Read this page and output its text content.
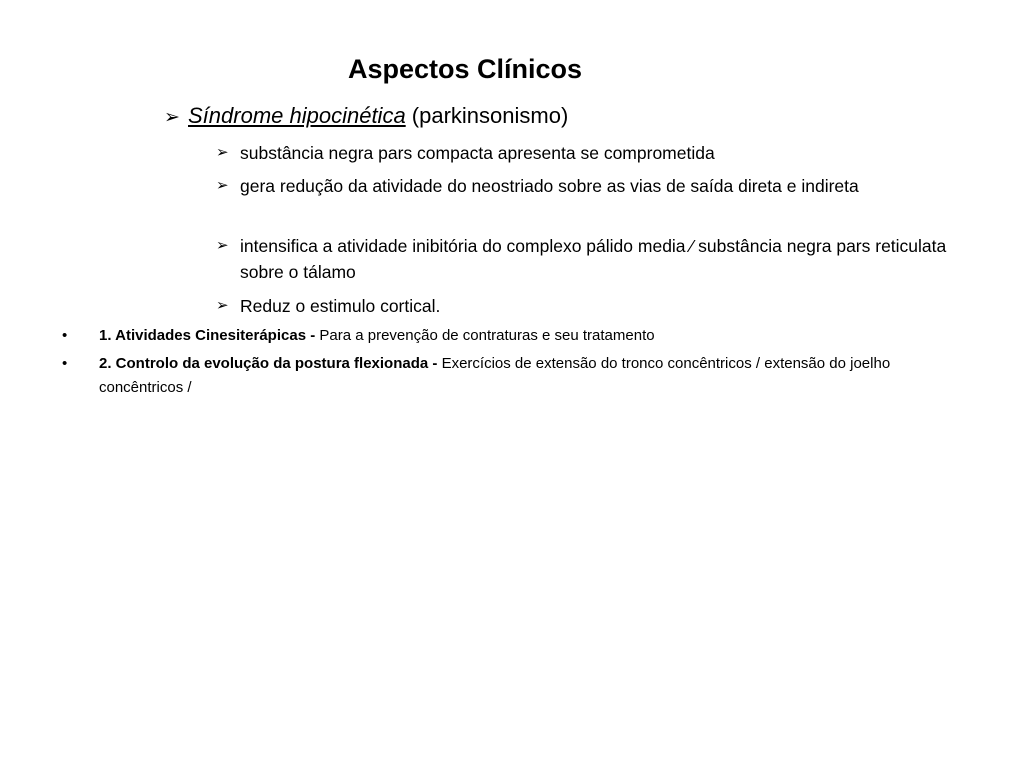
Aspectos Clínicos
➢ Síndrome hipocinética (parkinsonismo)
➢ substância negra pars compacta apresenta se comprometida
➢ gera redução da atividade do neostriado sobre as vias de saída direta e indireta
➢ intensifica a atividade inibitória do complexo pálido media ⁄ substância negra pars reticulata sobre o tálamo
➢ Reduz o estimulo cortical.
• 1. Atividades Cinesiterápicas - Para a prevenção de contraturas e seu tratamento
• 2. Controlo da evolução da postura flexionada - Exercícios de extensão do tronco concêntricos / extensão do joelho concêntricos /
